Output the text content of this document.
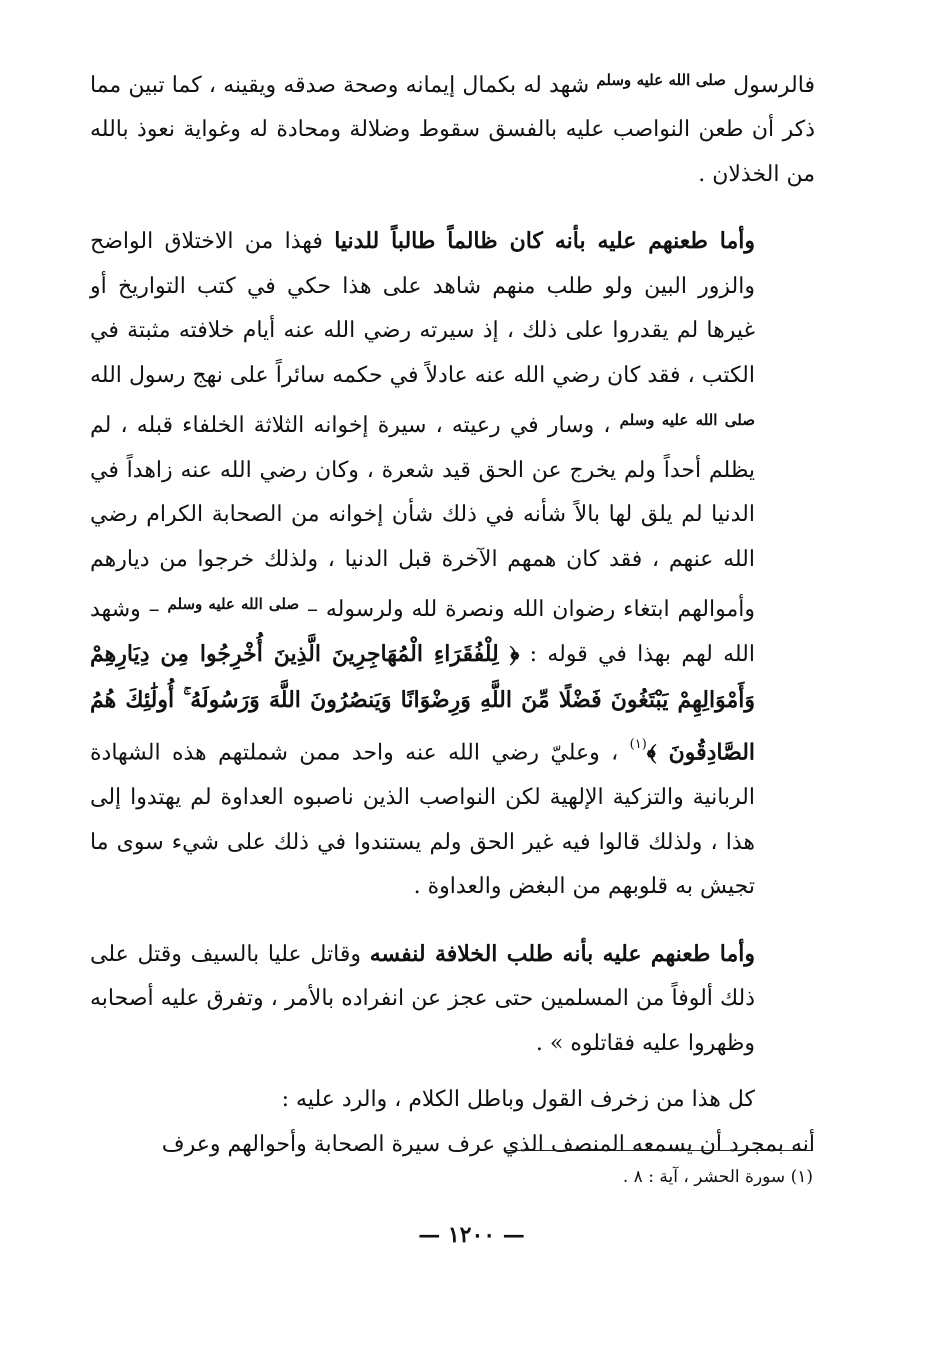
فالرسول $^{صلى الله عليه وسلم}$ شهد له بكمال إيمانه وصحة صدقه ويقينه ، كما تبين مما ذكر أن طعن النواصب عليه بالفسق سقوط وضلالة ومحادة له وغواية نعوذ بالله من الخذلان .

وأما طعنهم عليه بأنه كان ظالماً طالباً للدنيا فهذا من الاختلاق الواضح والزور البين ولو طلب منهم شاهد على هذا حكي في كتب التواريخ أو غيرها لم يقدروا على ذلك ، إذ سيرته رضي الله عنه أيام خلافته مثبتة في الكتب ، فقد كان رضي الله عنه عادلاً في حكمه سائراً على نهج رسول الله $^{صلى الله عليه وسلم}$ ، وسار في رعيته ، سيرة إخوانه الثلاثة الخلفاء قبله ، لم يظلم أحداً ولم يخرج عن الحق قيد شعرة ، وكان رضي الله عنه زاهداً في الدنيا لم يلق لها بالاً شأنه في ذلك شأن إخوانه من الصحابة الكرام رضي الله عنهم ، فقد كان همهم الآخرة قبل الدنيا ، ولذلك خرجوا من ديارهم وأموالهم ابتغاء رضوان الله ونصرة لله ولرسوله – $^{صلى الله عليه وسلم}$ – وشهد الله لهم بهذا في قوله : ﴿ لِلْفُقَرَاءِ الْمُهَاجِرِينَ الَّذِينَ أُخْرِجُوا مِن دِيَارِهِمْ وَأَمْوَالِهِمْ يَبْتَغُونَ فَضْلًا مِّنَ اللَّهِ وَرِضْوَانًا وَيَنصُرُونَ اللَّهَ وَرَسُولَهُ ۚ أُولَٰئِكَ هُمُ الصَّادِقُونَ ﴾$^{(١)}$ ، وعليّ رضي الله عنه واحد ممن شملتهم هذه الشهادة الربانية والتزكية الإلهية لكن النواصب الذين ناصبوه العداوة لم يهتدوا إلى هذا ، ولذلك قالوا فيه غير الحق ولم يستندوا في ذلك على شيء سوى ما تجيش به قلوبهم من البغض والعداوة .

وأما طعنهم عليه بأنه طلب الخلافة لنفسه وقاتل عليا بالسيف وقتل على ذلك ألوفاً من المسلمين حتى عجز عن انفراده بالأمر ، وتفرق عليه أصحابه وظهروا عليه فقاتلوه » .

كل هذا من زخرف القول وباطل الكلام ، والرد عليه :

أنه بمجرد أن يسمعه المنصف الذي عرف سيرة الصحابة وأحوالهم وعرف

(١) سورة الحشر ، آية : ٨ .
— ١٢٠٠ —
